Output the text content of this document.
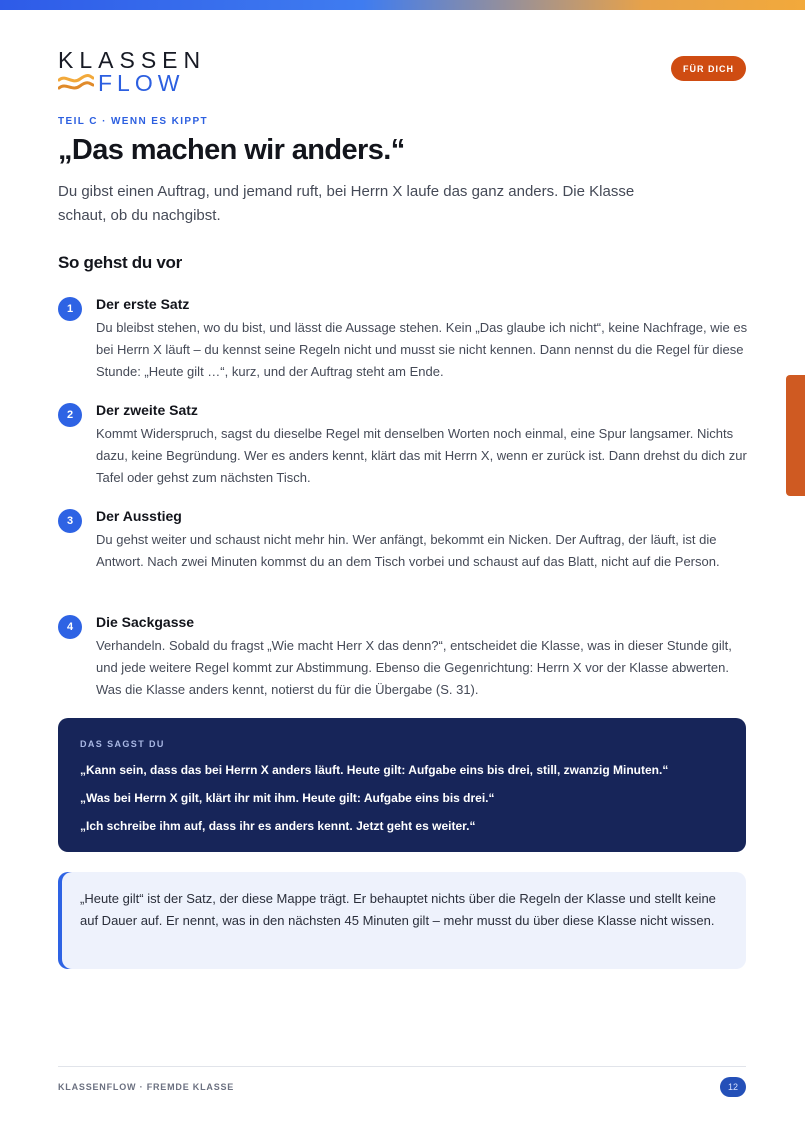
KLASSEN
FLOW
FÜR DICH
TEIL C · WENN ES KIPPT
„Das machen wir anders.“

Du gibst einen Auftrag, und jemand ruft, bei Herrn X laufe das ganz anders. Die Klasse schaut, ob du nachgibst.

So gehst du vor
1	Der erste Satz

Du bleibst stehen, wo du bist, und lässt die Aussage stehen. Kein „Das glaube ich nicht“, keine Nachfrage, wie es bei Herrn X läuft – du kennst seine Regeln nicht und musst sie nicht kennen. Dann nennst du die Regel für diese Stunde: „Heute gilt …“, kurz, und der Auftrag steht am Ende.

2	Der zweite Satz

Kommt Widerspruch, sagst du dieselbe Regel mit denselben Worten noch einmal, eine Spur langsamer. Nichts dazu, keine Begründung. Wer es anders kennt, klärt das mit Herrn X, wenn er zurück ist. Dann drehst du dich zur Tafel oder gehst zum nächsten Tisch.

3	Der Ausstieg

Du gehst weiter und schaust nicht mehr hin. Wer anfängt, bekommt ein Nicken. Der Auftrag, der läuft, ist die Antwort. Nach zwei Minuten kommst du an dem Tisch vorbei und schaust auf das Blatt, nicht auf die Person.

4	Die Sackgasse

Verhandeln. Sobald du fragst „Wie macht Herr X das denn?“, entscheidet die Klasse, was in dieser Stunde gilt, und jede weitere Regel kommt zur Abstimmung. Ebenso die Gegenrichtung: Herrn X vor der Klasse abwerten. Was die Klasse anders kennt, notierst du für die Übergabe (S. 31).

DAS SAGST DU
„Kann sein, dass das bei Herrn X anders läuft. Heute gilt: Aufgabe eins bis drei, still, zwanzig Minuten.“
„Was bei Herrn X gilt, klärt ihr mit ihm. Heute gilt: Aufgabe eins bis drei.“
„Ich schreibe ihm auf, dass ihr es anders kennt. Jetzt geht es weiter.“

„Heute gilt“ ist der Satz, der diese Mappe trägt. Er behauptet nichts über die Regeln der Klasse und stellt keine auf Dauer auf. Er nennt, was in den nächsten 45 Minuten gilt – mehr musst du über diese Klasse nicht wissen.

KLASSENFLOW · FREMDE KLASSE	12
